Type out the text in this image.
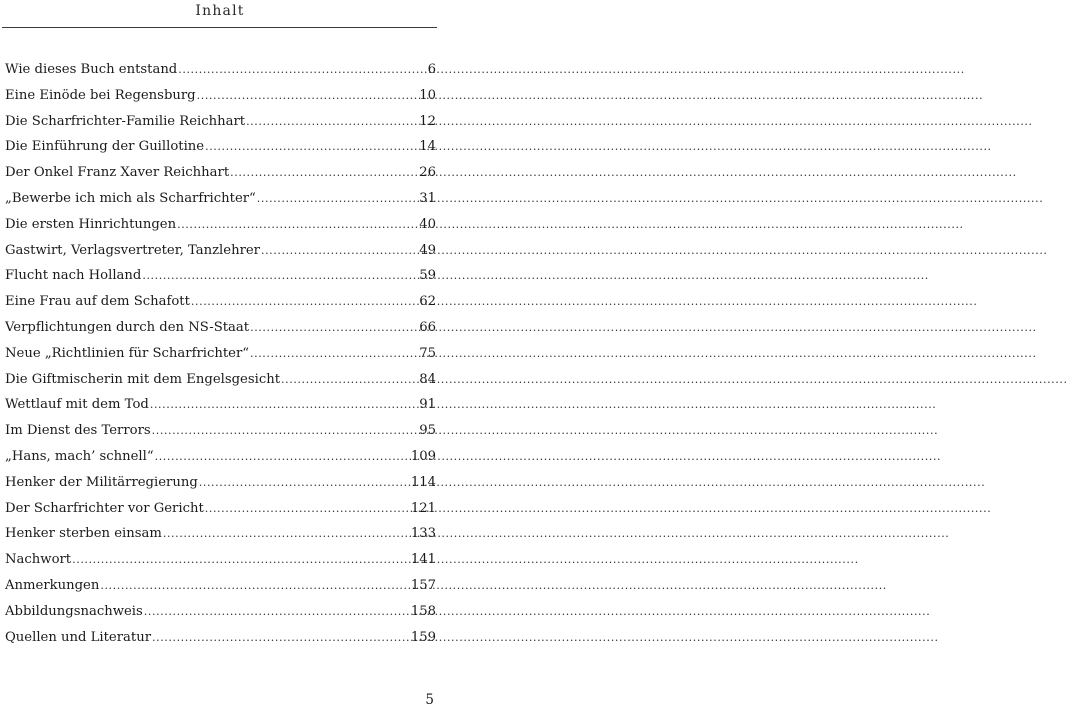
Inhalt
Wie dieses Buch entstand .....	6
Eine Einöde bei Regensburg .....	10
Die Scharfrichter-Familie Reichhart .....	12
Die Einführung der Guillotine .....	14
Der Onkel Franz Xaver Reichhart .....	26
„Bewerbe ich mich als Scharfrichter“ .....	31
Die ersten Hinrichtungen .....	40
Gastwirt, Verlagsvertreter, Tanzlehrer .....	49
Flucht nach Holland .....	59
Eine Frau auf dem Schafott .....	62
Verpflichtungen durch den NS-Staat .....	66
Neue „Richtlinien für Scharfrichter“ .....	75
Die Giftmischerin mit dem Engelsgesicht .....	84
Wettlauf mit dem Tod .....	91
Im Dienst des Terrors .....	95
„Hans, mach’ schnell“ .....	109
Henker der Militärregierung .....	114
Der Scharfrichter vor Gericht .....	121
Henker sterben einsam .....	133
Nachwort .....	141
Anmerkungen .....	157
Abbildungsnachweis .....	158
Quellen und Literatur .....	159
5
